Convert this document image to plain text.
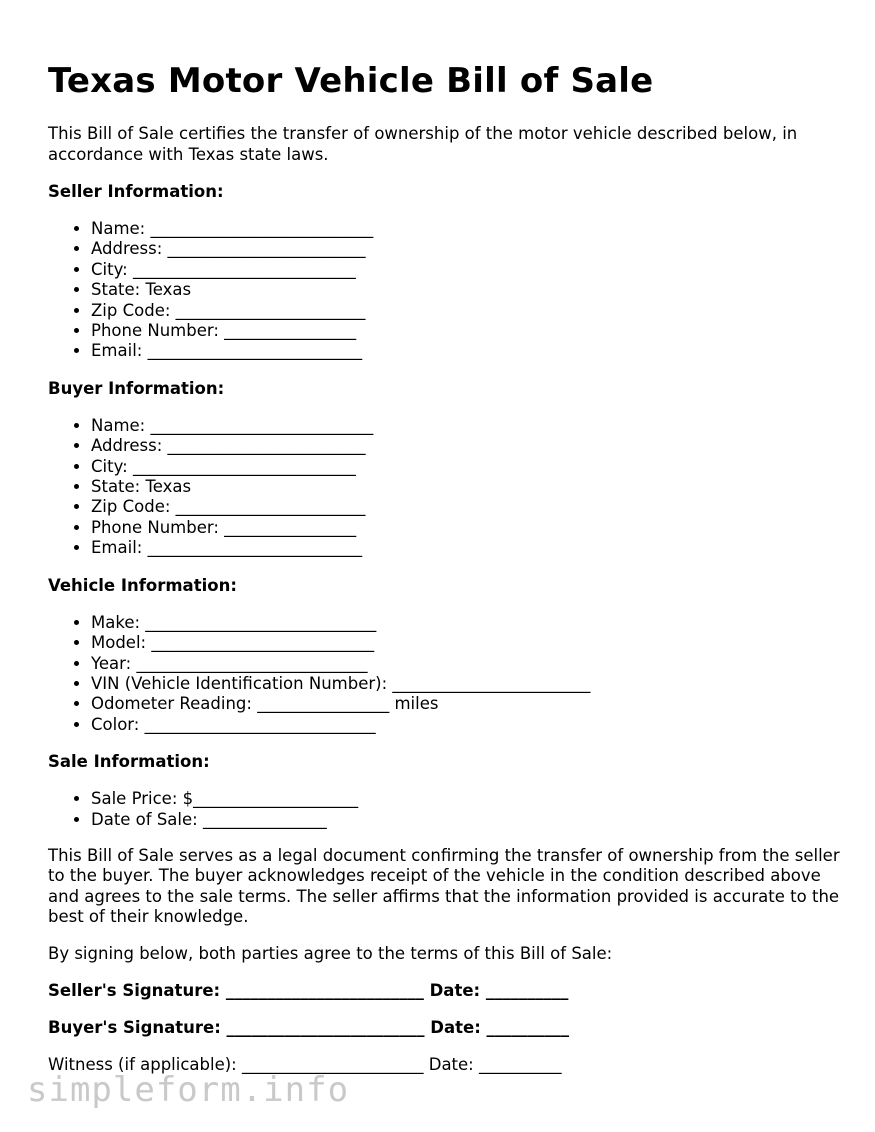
Texas Motor Vehicle Bill of Sale

This Bill of Sale certifies the transfer of ownership of the motor vehicle described below, in accordance with Texas state laws.

Seller Information:
• Name: ___________________________
• Address: ________________________
• City: ___________________________
• State: Texas
• Zip Code: _______________________
• Phone Number: ________________
• Email: __________________________
Buyer Information:
• Name: ___________________________
• Address: ________________________
• City: ___________________________
• State: Texas
• Zip Code: _______________________
• Phone Number: ________________
• Email: __________________________
Vehicle Information:
• Make: ____________________________
• Model: ___________________________
• Year: ____________________________
• VIN (Vehicle Identification Number): ________________________
• Odometer Reading: ________________ miles
• Color: ____________________________
Sale Information:
• Sale Price: $____________________
• Date of Sale: _______________

This Bill of Sale serves as a legal document confirming the transfer of ownership from the seller to the buyer. The buyer acknowledges receipt of the vehicle in the condition described above and agrees to the sale terms. The seller affirms that the information provided is accurate to the best of their knowledge.

By signing below, both parties agree to the terms of this Bill of Sale:

Seller's Signature: ________________________ Date: __________

Buyer's Signature: ________________________ Date: __________

Witness (if applicable): ______________________ Date: __________

simpleform.info
